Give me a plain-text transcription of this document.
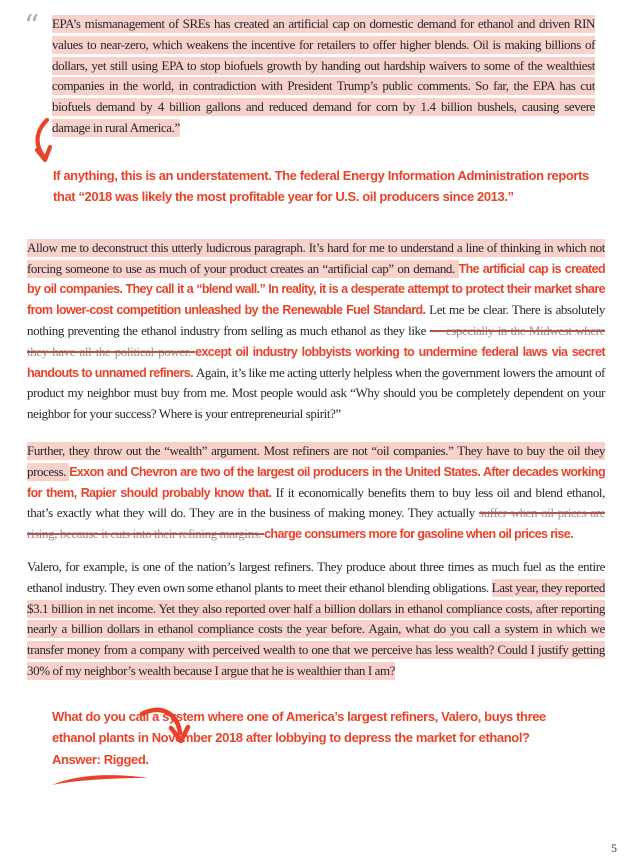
“ EPA’s mismanagement of SREs has created an artificial cap on domestic demand for ethanol and driven RIN values to near-zero, which weakens the incentive for retailers to offer higher blends. Oil is making billions of dollars, yet still using EPA to stop biofuels growth by handing out hardship waivers to some of the wealthiest companies in the world, in contradiction with President Trump’s public comments. So far, the EPA has cut biofuels demand by 4 billion gallons and reduced demand for corn by 1.4 billion bushels, causing severe damage in rural America.”
If anything, this is an understatement. The federal Energy Information Administration reports that “2018 was likely the most profitable year for U.S. oil producers since 2013.”

Allow me to deconstruct this utterly ludicrous paragraph. It’s hard for me to understand a line of thinking in which not forcing someone to use as much of your product creates an “artificial cap” on demand. The artificial cap is created by oil companies. They call it a “blend wall.” In reality, it is a desperate attempt to protect their market share from lower-cost competition unleashed by the Renewable Fuel Standard. Let me be clear. There is absolutely nothing preventing the ethanol industry from selling as much ethanol as they like — especially in the Midwest where they have all the political power. except oil industry lobbyists working to undermine federal laws via secret handouts to unnamed refiners. Again, it’s like me acting utterly helpless when the government lowers the amount of product my neighbor must buy from me. Most people would ask “Why should you be completely dependent on your neighbor for your success? Where is your entrepreneurial spirit?”

Further, they throw out the “wealth” argument. Most refiners are not “oil companies.” They have to buy the oil they process. Exxon and Chevron are two of the largest oil producers in the United States. After decades working for them, Rapier should probably know that. If it economically benefits them to buy less oil and blend ethanol, that’s exactly what they will do. They are in the business of making money. They actually suffer when oil prices are rising, because it cuts into their refining margins. charge consumers more for gasoline when oil prices rise.

Valero, for example, is one of the nation’s largest refiners. They produce about three times as much fuel as the entire ethanol industry. They even own some ethanol plants to meet their ethanol blending obligations. Last year, they reported $3.1 billion in net income. Yet they also reported over half a billion dollars in ethanol compliance costs, after reporting nearly a billion dollars in ethanol compliance costs the year before. Again, what do you call a system in which we transfer money from a company with perceived wealth to one that we perceive has less wealth? Could I justify getting 30% of my neighbor’s wealth because I argue that he is wealthier than I am?

What do you call a system where one of America’s largest refiners, Valero, buys three ethanol plants in November 2018 after lobbying to depress the market for ethanol?
Answer: Rigged.
5
